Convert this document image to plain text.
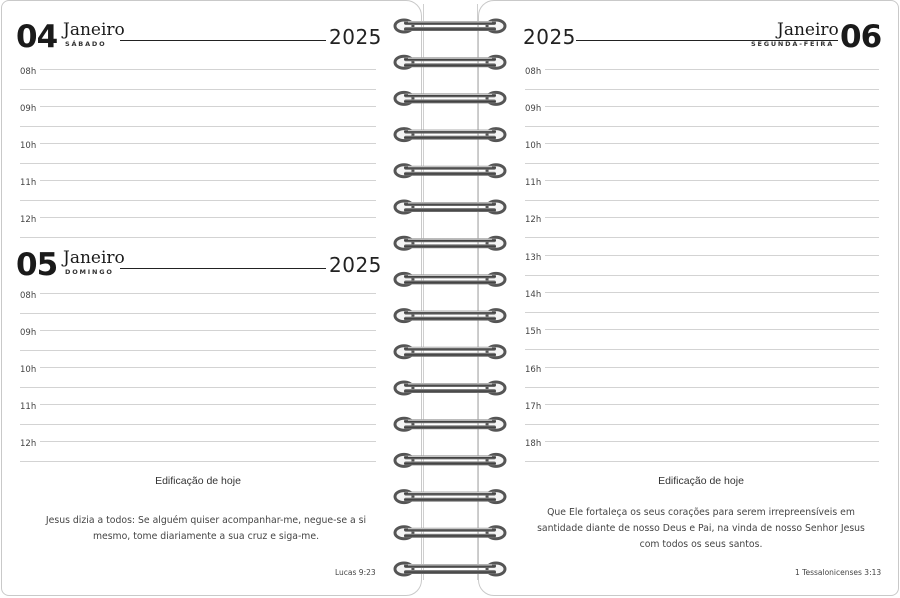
04 Janeiro
SÁBADO	2025
08h
09h
10h
11h
12h
05 Janeiro
DOMINGO	2025
08h
09h
10h
11h
12h
Edificação de hoje
Jesus dizia a todos: Se alguém quiser acompanhar-me, negue-se a si
mesmo, tome diariamente a sua cruz e siga-me.
Lucas 9:23
2025	Janeiro
SEGUNDA-FEIRA 06
08h
09h
10h
11h
12h
13h
14h
15h
16h
17h
18h
Edificação de hoje
Que Ele fortaleça os seus corações para serem irrepreensíveis em
santidade diante de nosso Deus e Pai, na vinda de nosso Senhor Jesus
com todos os seus santos.
1 Tessalonicenses 3:13
